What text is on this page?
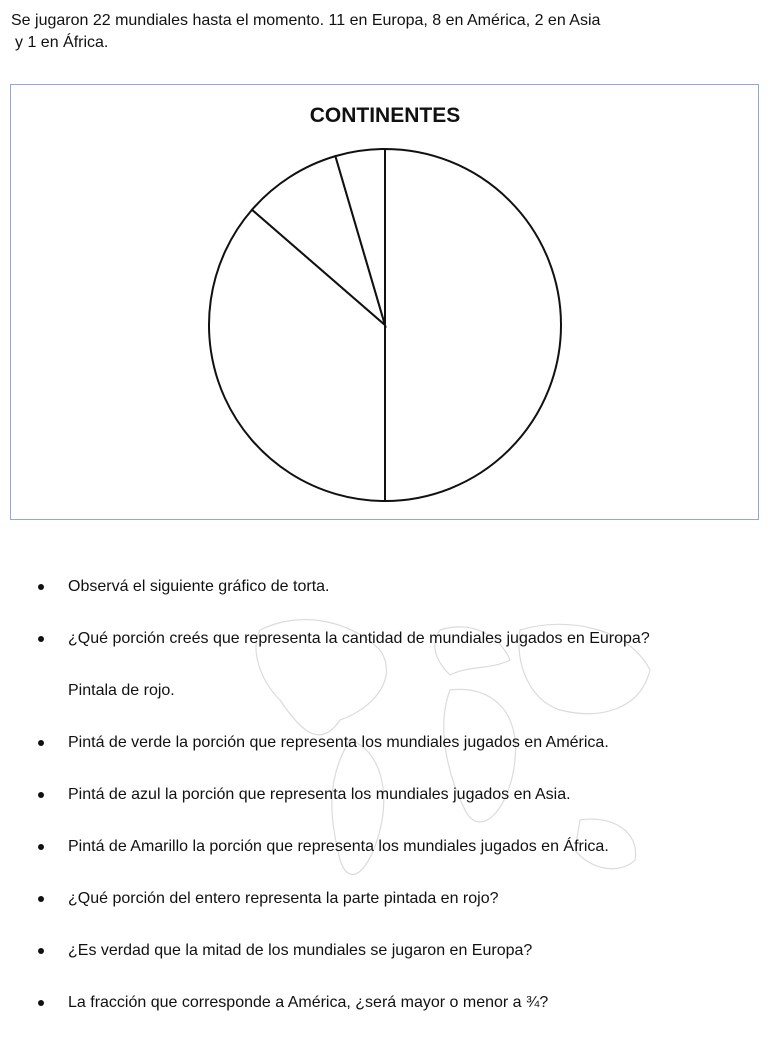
Se jugaron 22 mundiales hasta el momento. 11 en Europa, 8 en América, 2 en Asia
y 1 en África.
CONTINENTES
Observá el siguiente gráfico de torta.
¿Qué porción creés que representa la cantidad de mundiales jugados en Europa?
Pintala de rojo.
Pintá de verde la porción que representa los mundiales jugados en América.
Pintá de azul la porción que representa los mundiales jugados en Asia.
Pintá de Amarillo la porción que representa los mundiales jugados en África.
¿Qué porción del entero representa la parte pintada en rojo?
¿Es verdad que la mitad de los mundiales se jugaron en Europa?
La fracción que corresponde a América, ¿será mayor o menor a ¾?
